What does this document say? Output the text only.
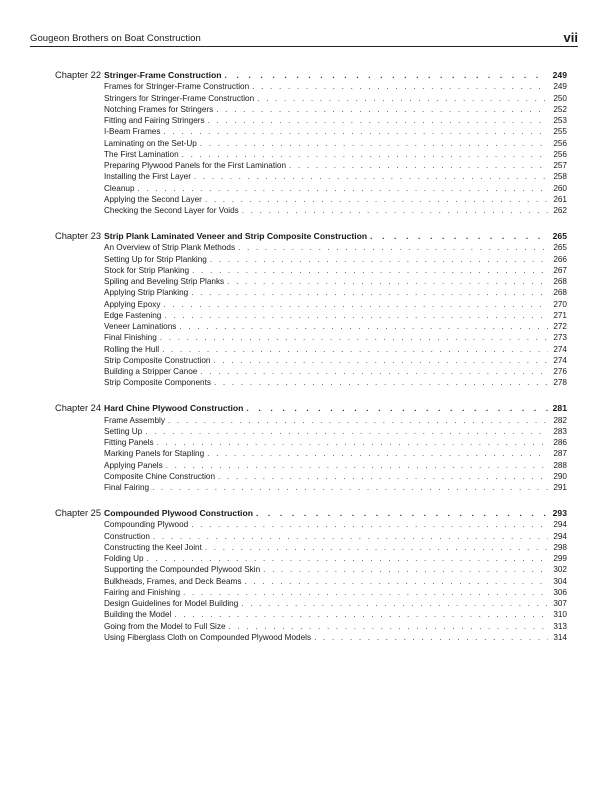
Gougeon Brothers on Boat Construction	vii
Chapter 22 Stringer-Frame Construction . . .	249
Frames for Stringer-Frame Construction . . .	249
Stringers for Stringer-Frame Construction . . .	250
Notching Frames for Stringers . . .	252
Fitting and Fairing Stringers . . .	253
I-Beam Frames . . .	255
Laminating on the Set-Up . . .	256
The First Lamination . . .	256
Preparing Plywood Panels for the First Lamination . . .	257
Installing the First Layer . . .	258
Cleanup . . .	260
Applying the Second Layer . . .	261
Checking the Second Layer for Voids . . .	262
Chapter 23 Strip Plank Laminated Veneer and Strip Composite Construction . . .	265
An Overview of Strip Plank Methods . . .	265
Setting Up for Strip Planking . . .	266
Stock for Strip Planking . . .	267
Spiling and Beveling Strip Planks . . .	268
Applying Strip Planking . . .	268
Applying Epoxy . . .	270
Edge Fastening . . .	271
Veneer Laminations . . .	272
Final Finishing . . .	273
Rolling the Hull . . .	274
Strip Composite Construction . . .	274
Building a Stripper Canoe . . .	276
Strip Composite Components . . .	278
Chapter 24 Hard Chine Plywood Construction . . .	281
Frame Assembly . . .	282
Setting Up . . .	283
Fitting Panels . . .	286
Marking Panels for Stapling . . .	287
Applying Panels . . .	288
Composite Chine Construction . . .	290
Final Fairing . . .	291
Chapter 25 Compounded Plywood Construction . . .	293
Compounding Plywood . . .	294
Construction . . .	294
Constructing the Keel Joint . . .	298
Folding Up . . .	299
Supporting the Compounded Plywood Skin . . .	302
Bulkheads, Frames, and Deck Beams . . .	304
Fairing and Finishing . . .	306
Design Guidelines for Model Building . . .	307
Building the Model . . .	310
Going from the Model to Full Size . . .	313
Using Fiberglass Cloth on Compounded Plywood Models . . .	314
